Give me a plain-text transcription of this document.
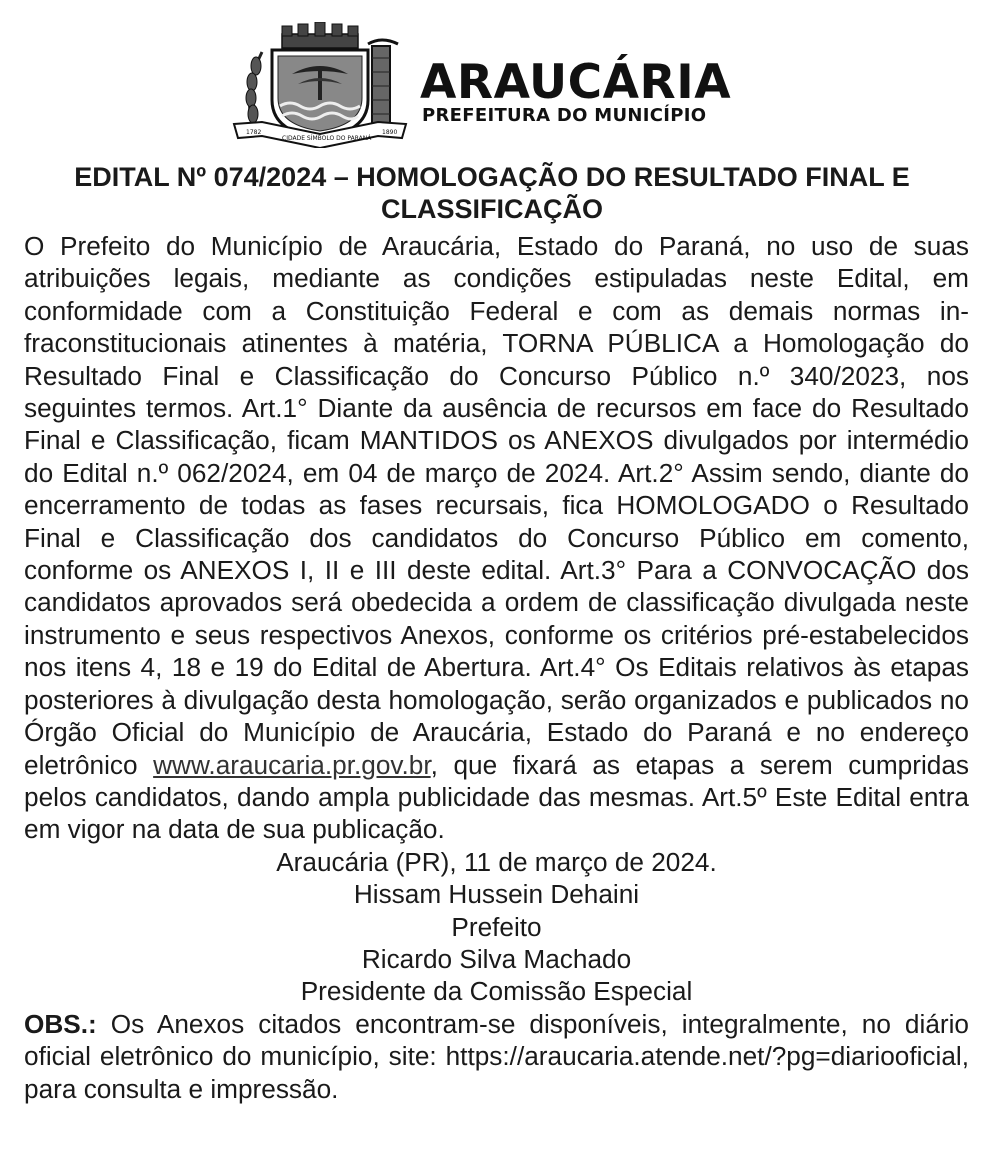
1782
CIDADE SÍMBOLO DO PARANÁ
1890

ARAUCÁRIA

PREFEITURA DO MUNICÍPIO

EDITAL Nº 074/2024 – HOMOLOGAÇÃO DO RESULTADO FINAL E CLASSIFICAÇÃO

O Prefeito do Município de Araucária, Estado do Paraná, no uso de suas atribuições legais, mediante as condições estipuladas neste Edital, em conformidade com a Constituição Federal e com as demais normas infraconstitucionais atinentes à matéria, TORNA PÚBLICA a Homologação do Resultado Final e Classificação do Concurso Público n.º 340/2023, nos seguintes termos. Art.1° Diante da ausência de recursos em face do Resultado Final e Classificação, ficam MANTIDOS os ANEXOS divulgados por intermédio do Edital n.º 062/2024, em 04 de março de 2024. Art.2° Assim sendo, diante do encerramento de todas as fases recursais, fica HOMOLOGADO o Resultado Final e Classificação dos candidatos do Concurso Público em comento, conforme os ANEXOS I, II e III deste edital. Art.3° Para a CONVOCAÇÃO dos candidatos aprovados será obedecida a ordem de classificação divulgada neste instrumento e seus respectivos Anexos, conforme os critérios pré-estabelecidos nos itens 4, 18 e 19 do Edital de Abertura. Art.4° Os Editais relativos às etapas posteriores à divulgação desta homologação, serão organizados e publicados no Órgão Oficial do Município de Araucária, Estado do Paraná e no endereço eletrônico www.araucaria.pr.gov.br, que fixará as etapas a serem cumpridas pelos candidatos, dando ampla publicidade das mesmas. Art.5º Este Edital entra em vigor na data de sua publicação.

Araucária (PR), 11 de março de 2024.

Hissam Hussein Dehaini

Prefeito

Ricardo Silva Machado

Presidente da Comissão Especial

OBS.: Os Anexos citados encontram-se disponíveis, integralmente, no diário oficial eletrônico do município, site: https://araucaria.atende.net/?pg=diariooficial, para consulta e impressão.
